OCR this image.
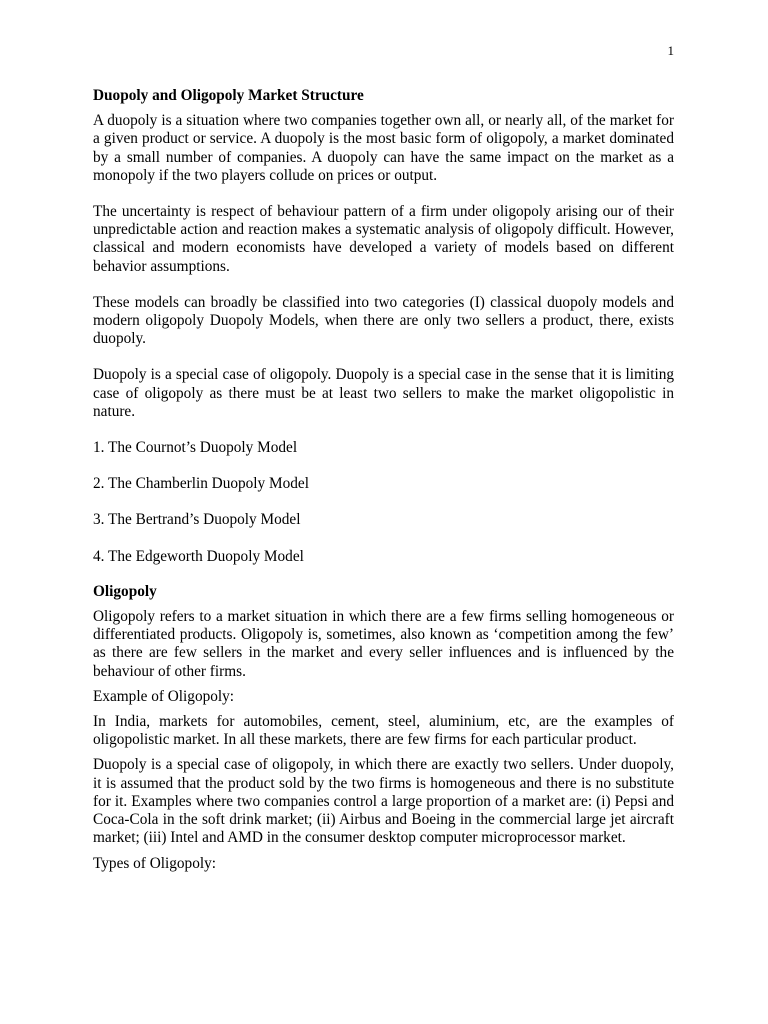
1
Duopoly and Oligopoly Market Structure

A duopoly is a situation where two companies together own all, or nearly all, of the market for a given product or service. A duopoly is the most basic form of oligopoly, a market dominated by a small number of companies. A duopoly can have the same impact on the market as a monopoly if the two players collude on prices or output.

The uncertainty is respect of behaviour pattern of a firm under oligopoly arising our of their unpredictable action and reaction makes a systematic analysis of oligopoly difficult. However, classical and modern economists have developed a variety of models based on different behavior assumptions.

These models can broadly be classified into two categories (I) classical duopoly models and modern oligopoly Duopoly Models, when there are only two sellers a product, there, exists duopoly.

Duopoly is a special case of oligopoly. Duopoly is a special case in the sense that it is limiting case of oligopoly as there must be at least two sellers to make the market oligopolistic in nature.

1. The Cournot’s Duopoly Model
2. The Chamberlin Duopoly Model
3. The Bertrand’s Duopoly Model
4. The Edgeworth Duopoly Model
Oligopoly

Oligopoly refers to a market situation in which there are a few firms selling homogeneous or differentiated products. Oligopoly is, sometimes, also known as ‘competition among the few’ as there are few sellers in the market and every seller influences and is influenced by the behaviour of other firms.

Example of Oligopoly:

In India, markets for automobiles, cement, steel, aluminium, etc, are the examples of oligopolistic market. In all these markets, there are few firms for each particular product.

Duopoly is a special case of oligopoly, in which there are exactly two sellers. Under duopoly, it is assumed that the product sold by the two firms is homogeneous and there is no substitute for it. Examples where two companies control a large proportion of a market are: (i) Pepsi and Coca-Cola in the soft drink market; (ii) Airbus and Boeing in the commercial large jet aircraft market; (iii) Intel and AMD in the consumer desktop computer microprocessor market.

Types of Oligopoly:
